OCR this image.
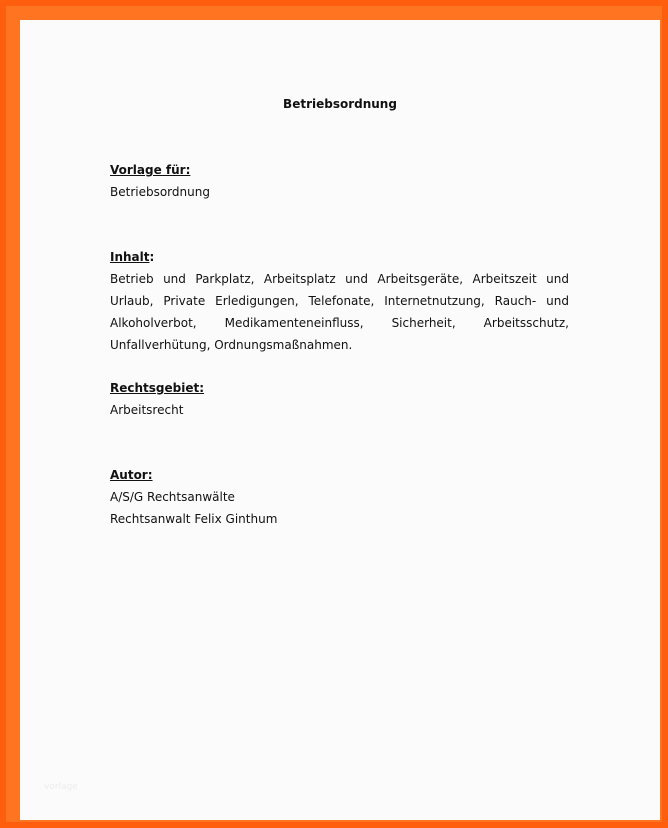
Betriebsordnung
Vorlage für:
Betriebsordnung
Inhalt:
Betrieb und Parkplatz, Arbeitsplatz und Arbeitsgeräte, Arbeitszeit und Urlaub, Private Erledigungen, Telefonate, Internetnutzung, Rauch- und Alkoholverbot, Medikamenteneinfluss, Sicherheit, Arbeitsschutz, Unfallverhütung, Ordnungsmaßnahmen.
Rechtsgebiet:
Arbeitsrecht
Autor:
A/S/G Rechtsanwälte
Rechtsanwalt Felix Ginthum
vorlage
